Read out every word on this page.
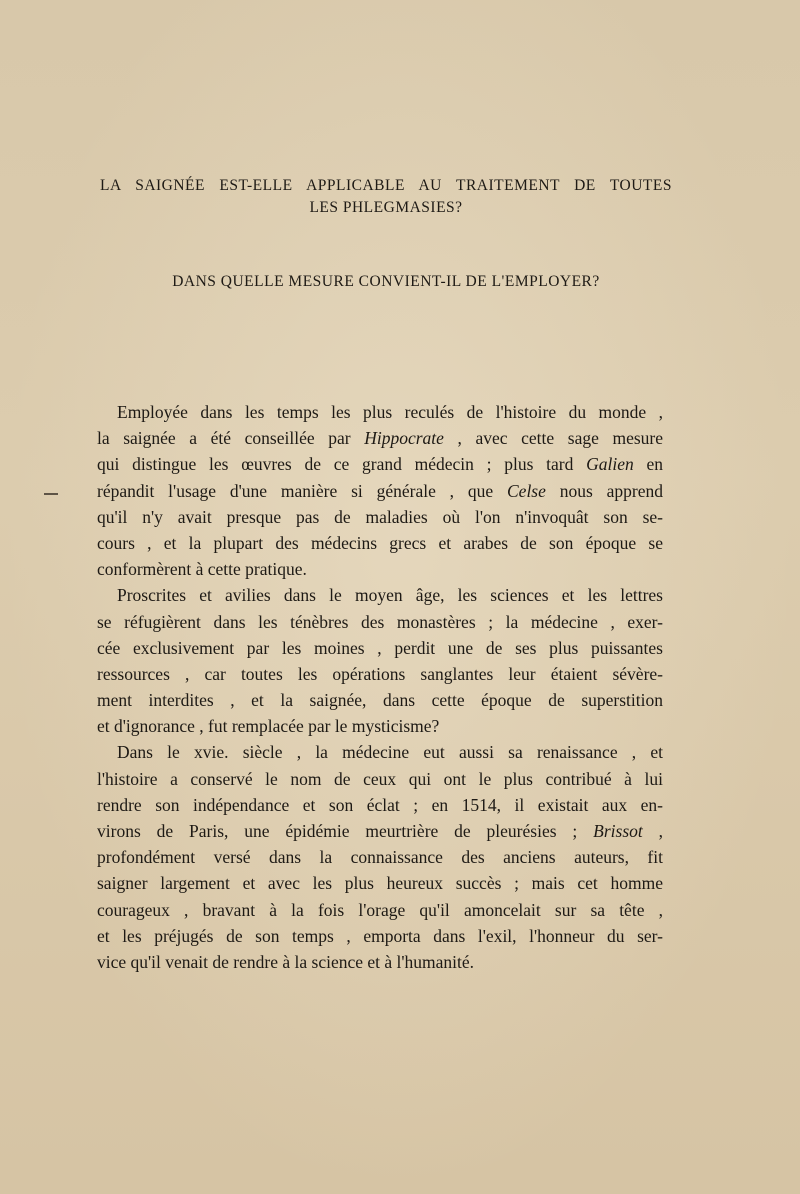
LA SAIGNÉE EST-ELLE APPLICABLE AU TRAITEMENT DE TOUTES
LES PHLEGMASIES?
DANS QUELLE MESURE CONVIENT-IL DE L'EMPLOYER?
Employée dans les temps les plus reculés de l'histoire du monde ,
la saignée a été conseillée par Hippocrate , avec cette sage mesure
qui distingue les œuvres de ce grand médecin ; plus tard Galien en
répandit l'usage d'une manière si générale , que Celse nous apprend
qu'il n'y avait presque pas de maladies où l'on n'invoquât son se-
cours , et la plupart des médecins grecs et arabes de son époque se
conformèrent à cette pratique.
Proscrites et avilies dans le moyen âge, les sciences et les lettres
se réfugièrent dans les ténèbres des monastères ; la médecine , exer-
cée exclusivement par les moines , perdit une de ses plus puissantes
ressources , car toutes les opérations sanglantes leur étaient sévère-
ment interdites , et la saignée, dans cette époque de superstition
et d'ignorance , fut remplacée par le mysticisme?
Dans le xvie. siècle , la médecine eut aussi sa renaissance , et
l'histoire a conservé le nom de ceux qui ont le plus contribué à lui
rendre son indépendance et son éclat ; en 1514, il existait aux en-
virons de Paris, une épidémie meurtrière de pleurésies ; Brissot ,
profondément versé dans la connaissance des anciens auteurs, fit
saigner largement et avec les plus heureux succès ; mais cet homme
courageux , bravant à la fois l'orage qu'il amoncelait sur sa tête ,
et les préjugés de son temps , emporta dans l'exil, l'honneur du ser-
vice qu'il venait de rendre à la science et à l'humanité.
